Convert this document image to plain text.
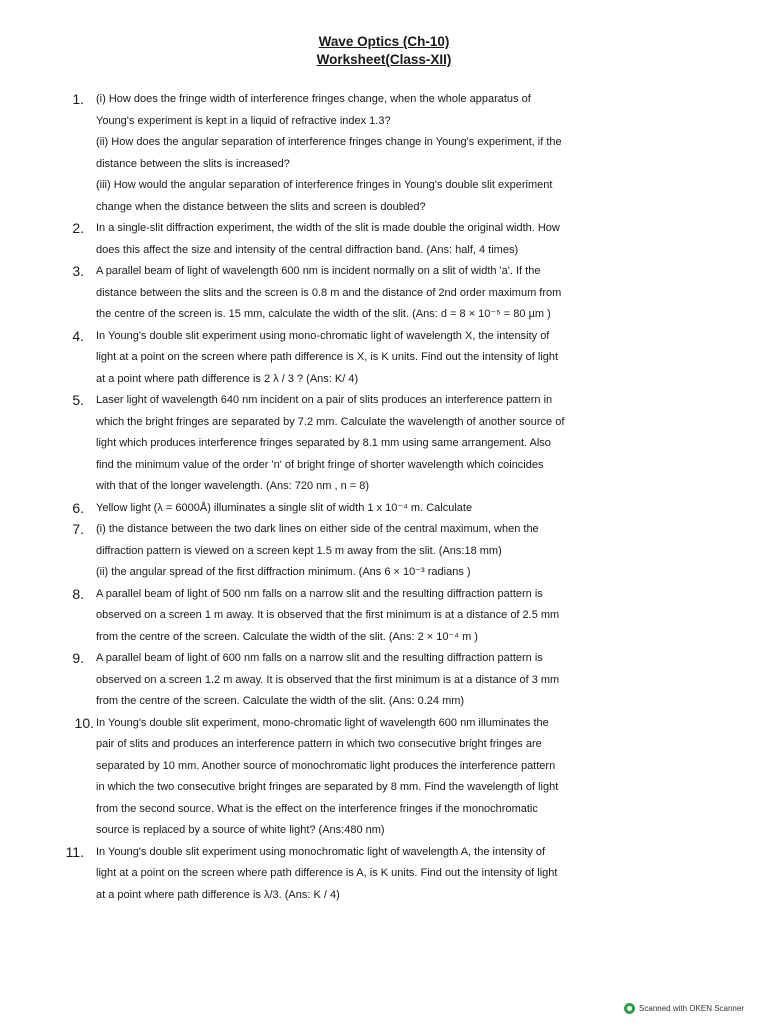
Wave Optics (Ch-10)
Worksheet(Class-XII)
1.	(i) How does the fringe width of interference fringes change, when the whole apparatus of
Young's experiment is kept in a liquid of refractive index 1.3?
(ii) How does the angular separation of interference fringes change in Young's experiment, if the
distance between the slits is increased?
(iii) How would the angular separation of interference fringes in Young's double slit experiment
change when the distance between the slits and screen is doubled?
2.	In a single-slit diffraction experiment, the width of the slit is made double the original width. How
does this affect the size and intensity of the central diffraction band. (Ans: half, 4 times)
3.	A parallel beam of light of wavelength 600 nm is incident normally on a slit of width 'a'. If the
distance between the slits and the screen is 0.8 m and the distance of 2nd order maximum from
the centre of the screen is. 15 mm, calculate the width of the slit. (Ans: d = 8 × 10⁻⁵ = 80 µm )
4.	In Young's double slit experiment using mono-chromatic light of wavelength X, the intensity of
light at a point on the screen where path difference is X, is K units. Find out the intensity of light
at a point where path difference is 2 λ / 3 ? (Ans: K/ 4)
5.	Laser light of wavelength 640 nm incident on a pair of slits produces an interference pattern in
which the bright fringes are separated by 7.2 mm. Calculate the wavelength of another source of
light which produces interference fringes separated by 8.1 mm using same arrangement. Also
find the minimum value of the order 'n' of bright fringe of shorter wavelength which coincides
with that of the longer wavelength. (Ans: 720 nm , n = 8)
6.	Yellow light (λ = 6000Å) illuminates a single slit of width 1 x 10⁻⁴ m. Calculate
7.	(i) the distance between the two dark lines on either side of the central maximum, when the
diffraction pattern is viewed on a screen kept 1.5 m away from the slit. (Ans:18 mm)
(ii) the angular spread of the first diffraction minimum. (Ans 6 × 10⁻³ radians )
8.	A parallel beam of light of 500 nm falls on a narrow slit and the resulting diffraction pattern is
observed on a screen 1 m away. It is observed that the first minimum is at a distance of 2.5 mm
from the centre of the screen. Calculate the width of the slit. (Ans: 2 × 10⁻⁴ m )
9.	A parallel beam of light of 600 nm falls on a narrow slit and the resulting diffraction pattern is
observed on a screen 1.2 m away. It is observed that the first minimum is at a distance of 3 mm
from the centre of the screen. Calculate the width of the slit. (Ans: 0.24 mm)
10. In Young's double slit experiment, mono-chromatic light of wavelength 600 nm illuminates the
pair of slits and produces an interference pattern in which two consecutive bright fringes are
separated by 10 mm. Another source of monochromatic light produces the interference pattern
in which the two consecutive bright fringes are separated by 8 mm. Find the wavelength of light
from the second source. What is the effect on the interference fringes if the monochromatic
source is replaced by a source of white light? (Ans:480 nm)
11.	In Young's double slit experiment using monochromatic light of wavelength A, the intensity of
light at a point on the screen where path difference is A, is K units. Find out the intensity of light
at a point where path difference is λ/3. (Ans: K / 4)
Scanned with OKEN Scanner
